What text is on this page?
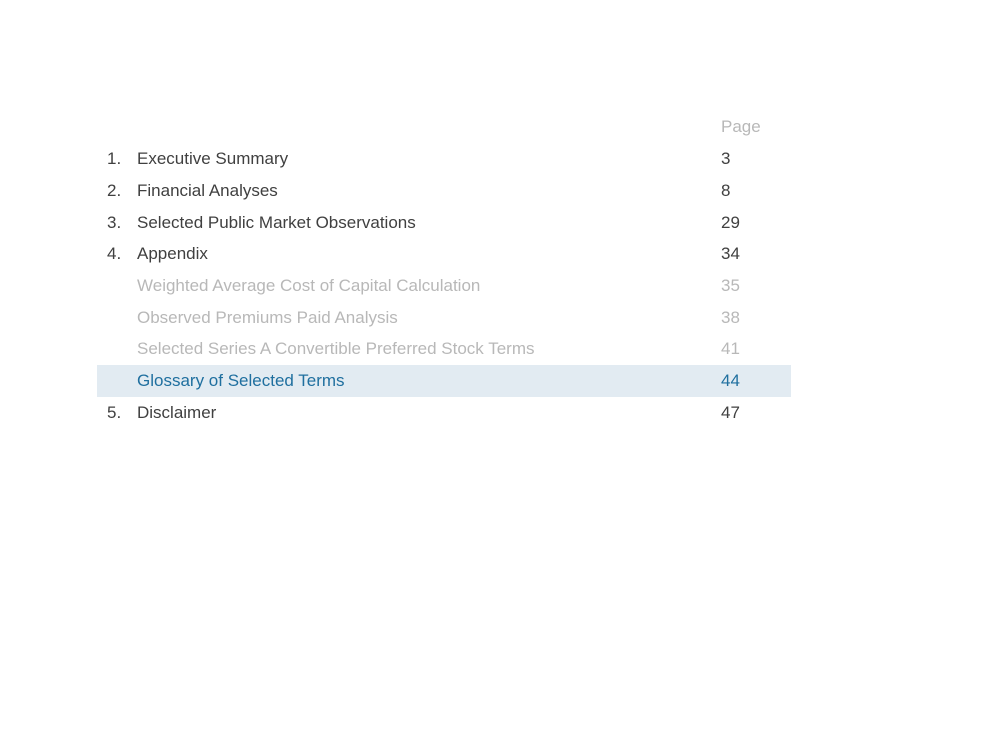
Page
1. Executive Summary	3
2. Financial Analyses	8
3. Selected Public Market Observations	29
4. Appendix	34
Weighted Average Cost of Capital Calculation	35
Observed Premiums Paid Analysis	38
Selected Series A Convertible Preferred Stock Terms	41
Glossary of Selected Terms	44
5. Disclaimer	47
